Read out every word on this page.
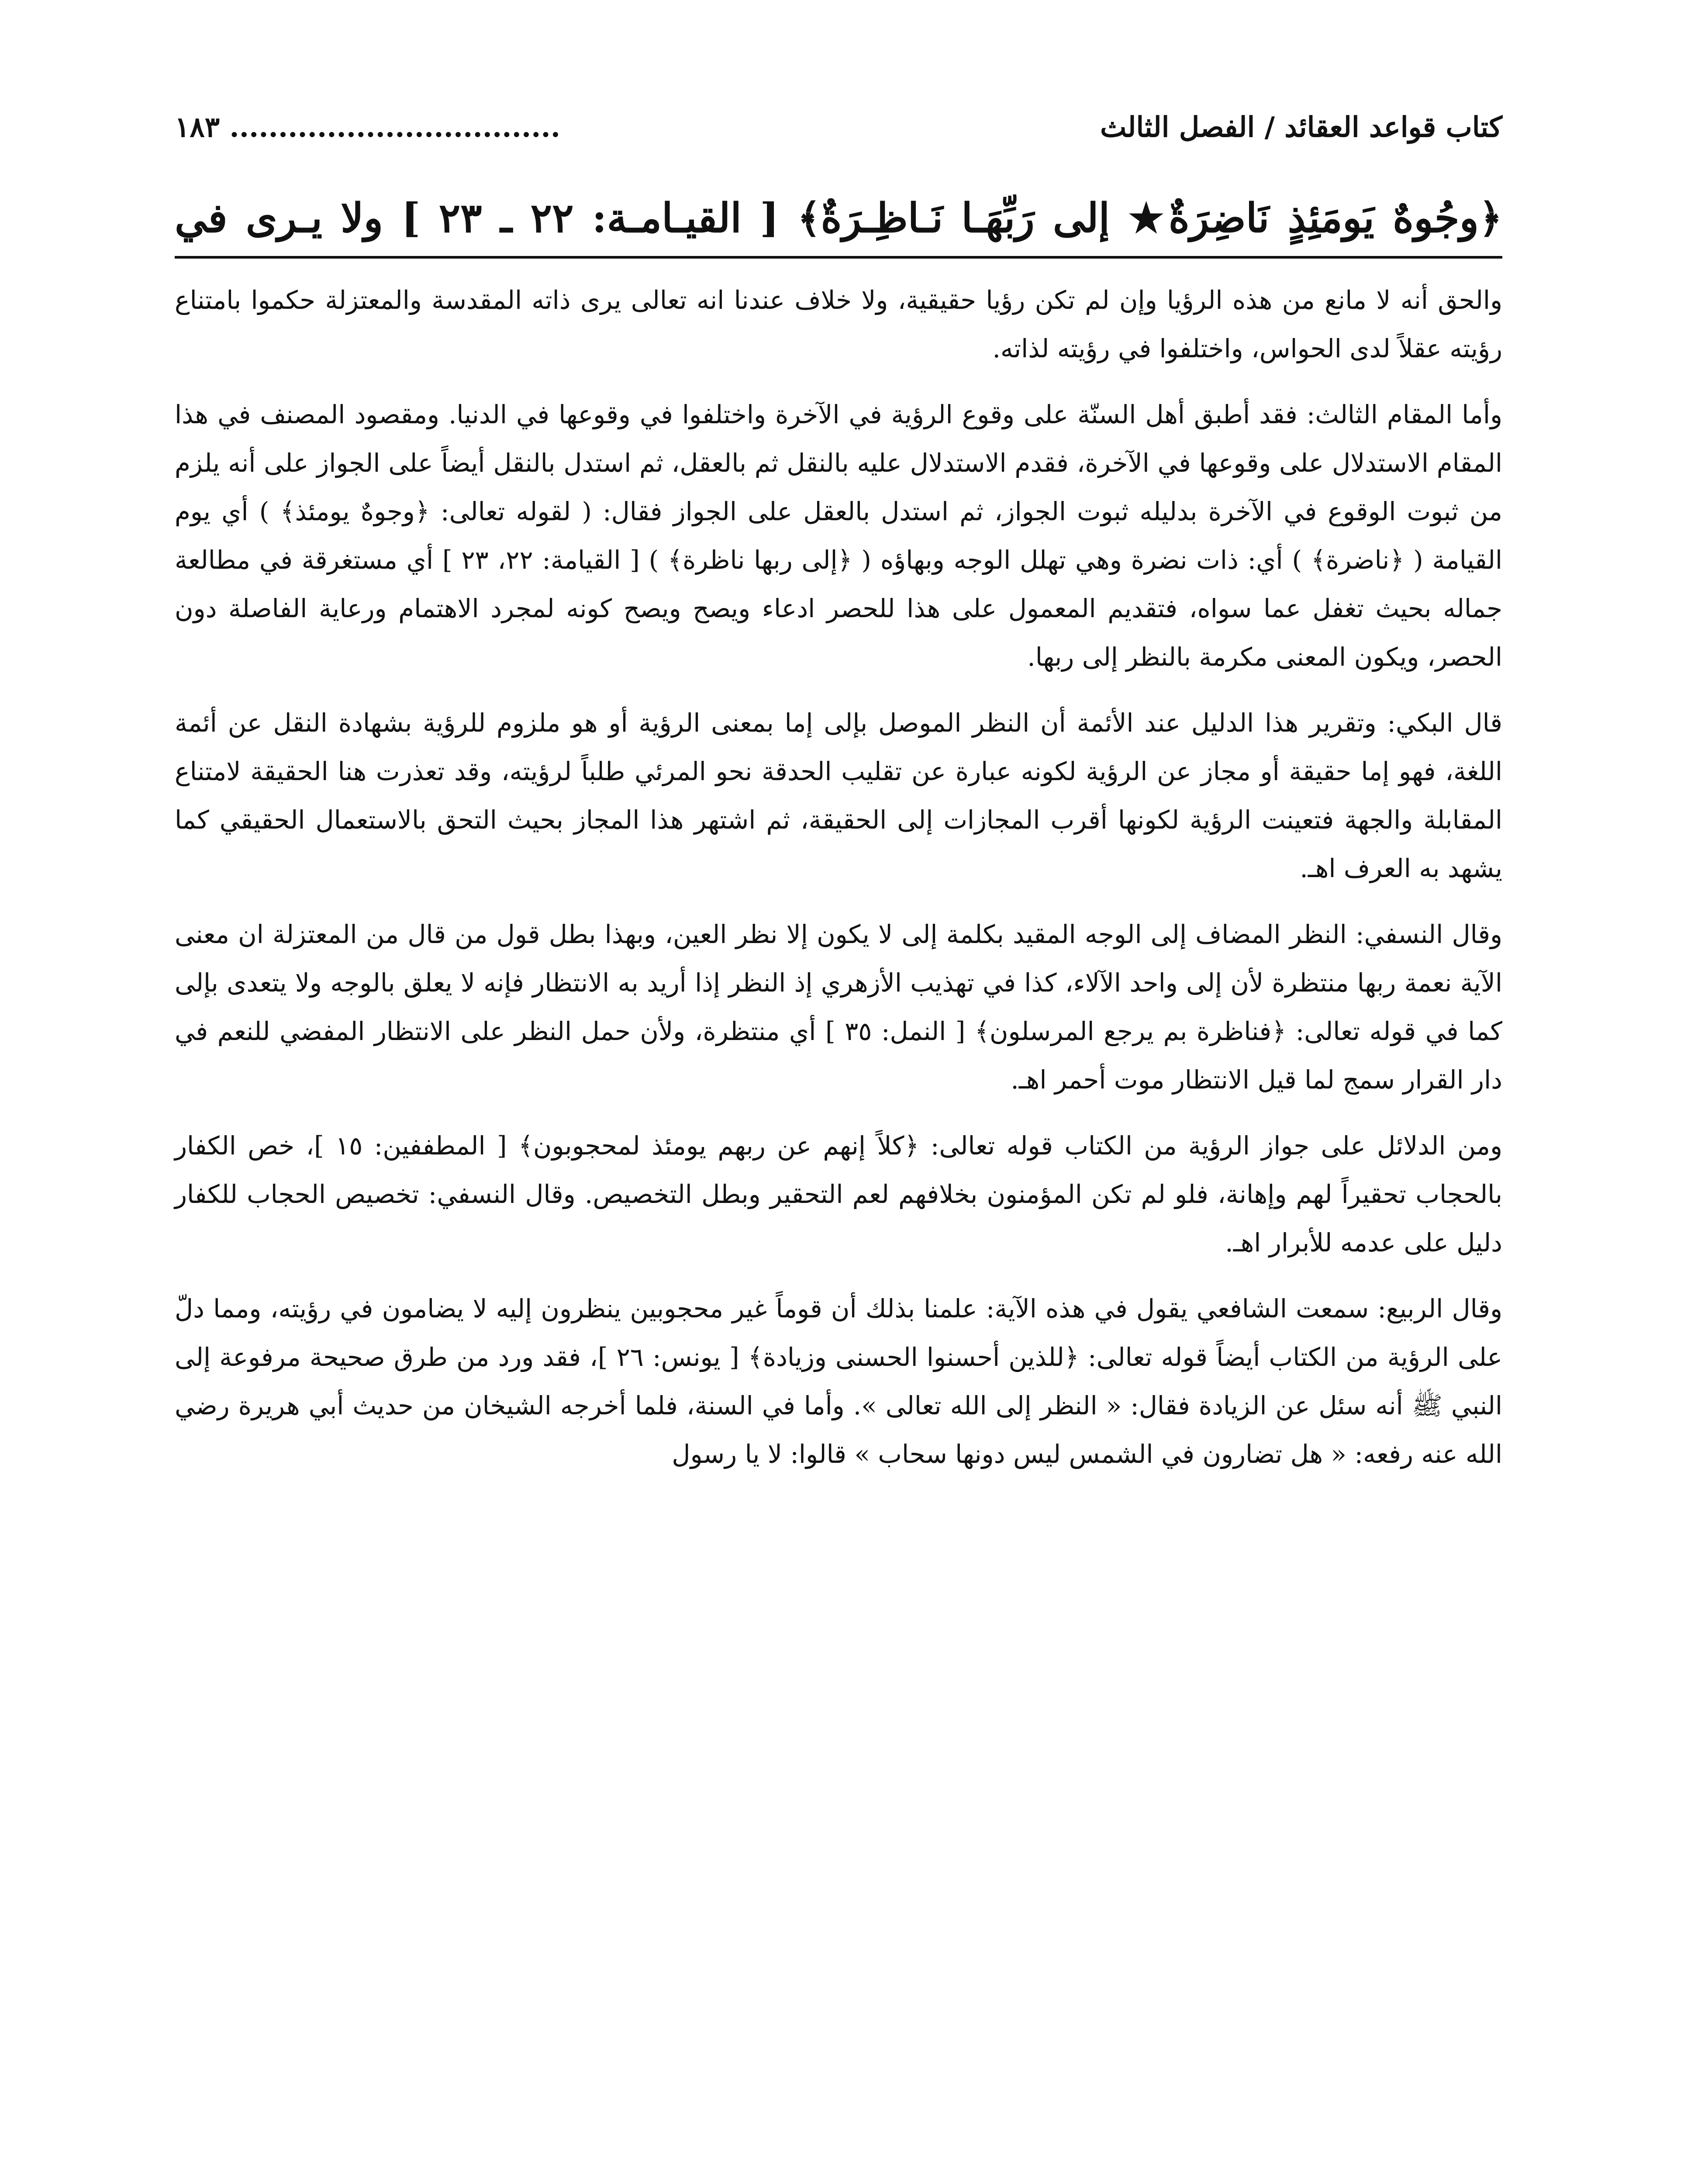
كتاب قواعد العقائد / الفصل الثالث
.................................. ١٨٣
﴿وجُوهٌ يَومَئِذٍ نَاضِرَةٌ★ إلى رَبِّهَـا نَـاظِـرَةٌ﴾ [ القيـامـة: ٢٢ ـ ٢٣ ] ولا يـرى في

والحق أنه لا مانع من هذه الرؤيا وإن لم تكن رؤيا حقيقية، ولا خلاف عندنا انه تعالى يرى ذاته المقدسة والمعتزلة حكموا بامتناع رؤيته عقلاً لدى الحواس، واختلفوا في رؤيته لذاته.

وأما المقام الثالث: فقد أطبق أهل السنّة على وقوع الرؤية في الآخرة واختلفوا في وقوعها في الدنيا. ومقصود المصنف في هذا المقام الاستدلال على وقوعها في الآخرة، فقدم الاستدلال عليه بالنقل ثم بالعقل، ثم استدل بالنقل أيضاً على الجواز على أنه يلزم من ثبوت الوقوع في الآخرة بدليله ثبوت الجواز، ثم استدل بالعقل على الجواز فقال: ( لقوله تعالى: ﴿وجوهٌ يومئذ﴾ ) أي يوم القيامة ( ﴿ناضرة﴾ ) أي: ذات نضرة وهي تهلل الوجه وبهاؤه ( ﴿إلى ربها ناظرة﴾ ) [ القيامة: ٢٢، ٢٣ ] أي مستغرقة في مطالعة جماله بحيث تغفل عما سواه، فتقديم المعمول على هذا للحصر ادعاء ويصح ويصح كونه لمجرد الاهتمام ورعاية الفاصلة دون الحصر، ويكون المعنى مكرمة بالنظر إلى ربها.

قال البكي: وتقرير هذا الدليل عند الأئمة أن النظر الموصل بإلى إما بمعنى الرؤية أو هو ملزوم للرؤية بشهادة النقل عن أئمة اللغة، فهو إما حقيقة أو مجاز عن الرؤية لكونه عبارة عن تقليب الحدقة نحو المرئي طلباً لرؤيته، وقد تعذرت هنا الحقيقة لامتناع المقابلة والجهة فتعينت الرؤية لكونها أقرب المجازات إلى الحقيقة، ثم اشتهر هذا المجاز بحيث التحق بالاستعمال الحقيقي كما يشهد به العرف اهـ.

وقال النسفي: النظر المضاف إلى الوجه المقيد بكلمة إلى لا يكون إلا نظر العين، وبهذا بطل قول من قال من المعتزلة ان معنى الآية نعمة ربها منتظرة لأن إلى واحد الآلاء، كذا في تهذيب الأزهري إذ النظر إذا أريد به الانتظار فإنه لا يعلق بالوجه ولا يتعدى بإلى كما في قوله تعالى: ﴿فناظرة بم يرجع المرسلون﴾ [ النمل: ٣٥ ] أي منتظرة، ولأن حمل النظر على الانتظار المفضي للنعم في دار القرار سمج لما قيل الانتظار موت أحمر اهـ.

ومن الدلائل على جواز الرؤية من الكتاب قوله تعالى: ﴿كلاً إنهم عن ربهم يومئذ لمحجوبون﴾ [ المطففين: ١٥ ]، خص الكفار بالحجاب تحقيراً لهم وإهانة، فلو لم تكن المؤمنون بخلافهم لعم التحقير وبطل التخصيص. وقال النسفي: تخصيص الحجاب للكفار دليل على عدمه للأبرار اهـ.

وقال الربيع: سمعت الشافعي يقول في هذه الآية: علمنا بذلك أن قوماً غير محجوبين ينظرون إليه لا يضامون في رؤيته، ومما دلّ على الرؤية من الكتاب أيضاً قوله تعالى: ﴿للذين أحسنوا الحسنى وزيادة﴾ [ يونس: ٢٦ ]، فقد ورد من طرق صحيحة مرفوعة إلى النبي ﷺ أنه سئل عن الزيادة فقال: « النظر إلى الله تعالى ». وأما في السنة، فلما أخرجه الشيخان من حديث أبي هريرة رضي الله عنه رفعه: « هل تضارون في الشمس ليس دونها سحاب » قالوا: لا يا رسول
